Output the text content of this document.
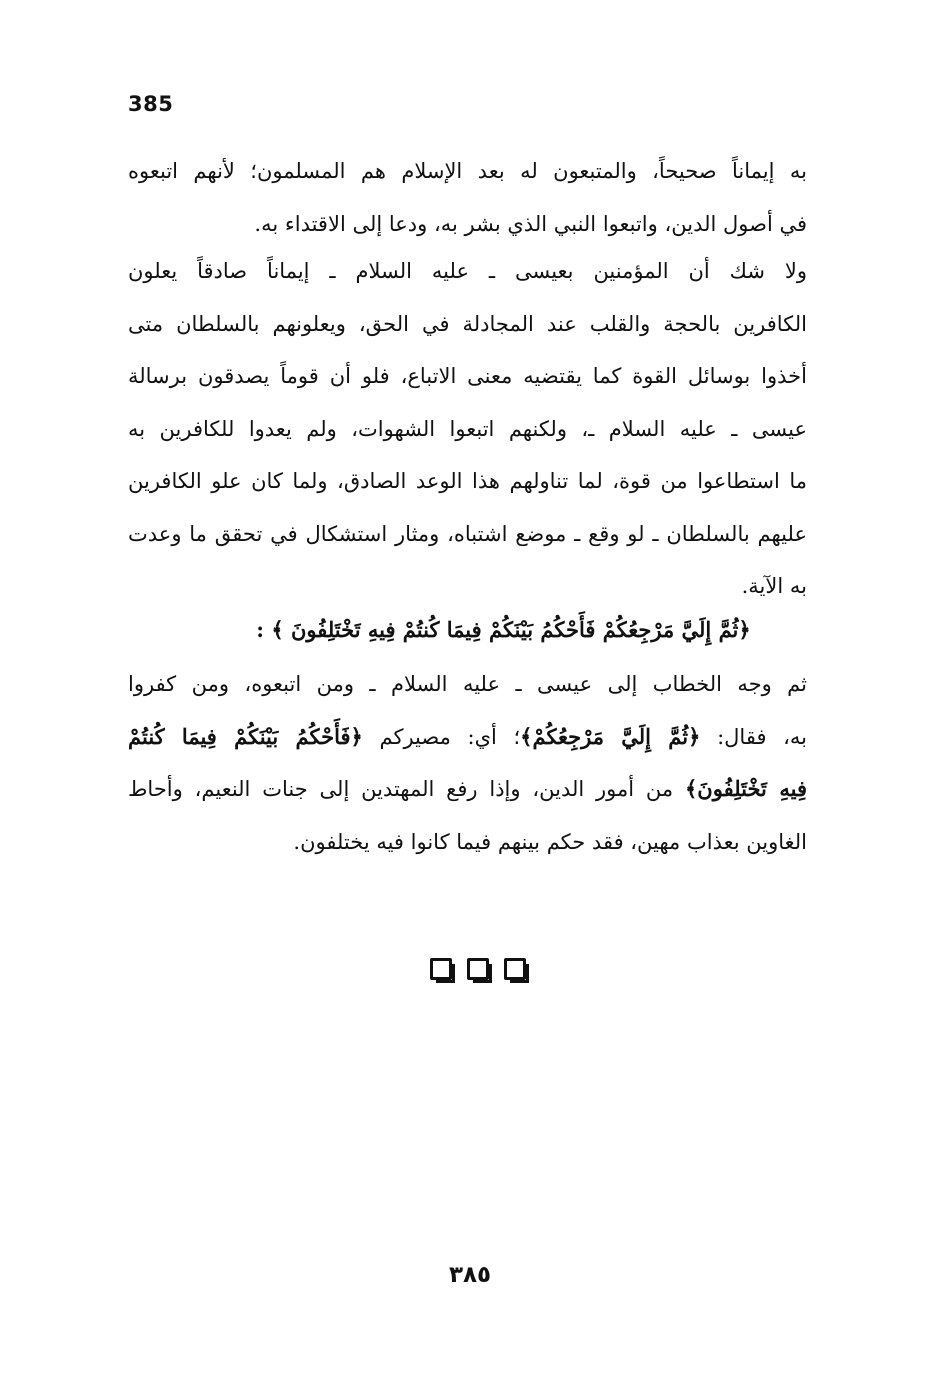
385
به إيماناً صحيحاً، والمتبعون له بعد الإسلام هم المسلمون؛ لأنهم اتبعوه
في أصول الدين، واتبعوا النبي الذي بشر به، ودعا إلى الاقتداء به.
ولا شك أن المؤمنين بعيسى ـ عليه السلام ـ إيماناً صادقاً يعلون
الكافرين بالحجة والقلب عند المجادلة في الحق، ويعلونهم بالسلطان متى
أخذوا بوسائل القوة كما يقتضيه معنى الاتباع، فلو أن قوماً يصدقون برسالة
عيسى ـ عليه السلام ـ، ولكنهم اتبعوا الشهوات، ولم يعدوا للكافرين به
ما استطاعوا من قوة، لما تناولهم هذا الوعد الصادق، ولما كان علو الكافرين
عليهم بالسلطان ـ لو وقع ـ موضع اشتباه، ومثار استشكال في تحقق ما وعدت
به الآية.
﴿ثُمَّ إِلَيَّ مَرْجِعُكُمْ فَأَحْكُمُ بَيْنَكُمْ فِيمَا كُنتُمْ فِيهِ تَخْتَلِفُونَ ﴾ :
ثم وجه الخطاب إلى عيسى ـ عليه السلام ـ ومن اتبعوه، ومن كفروا
به، فقال: ﴿ثُمَّ إِلَيَّ مَرْجِعُكُمْ﴾؛ أي: مصيركم ﴿فَأَحْكُمُ بَيْنَكُمْ فِيمَا كُنتُمْ
فِيهِ تَخْتَلِفُونَ﴾ من أمور الدين، وإذا رفع المهتدين إلى جنات النعيم، وأحاط
الغاوين بعذاب مهين، فقد حكم بينهم فيما كانوا فيه يختلفون.
٣٨٥
